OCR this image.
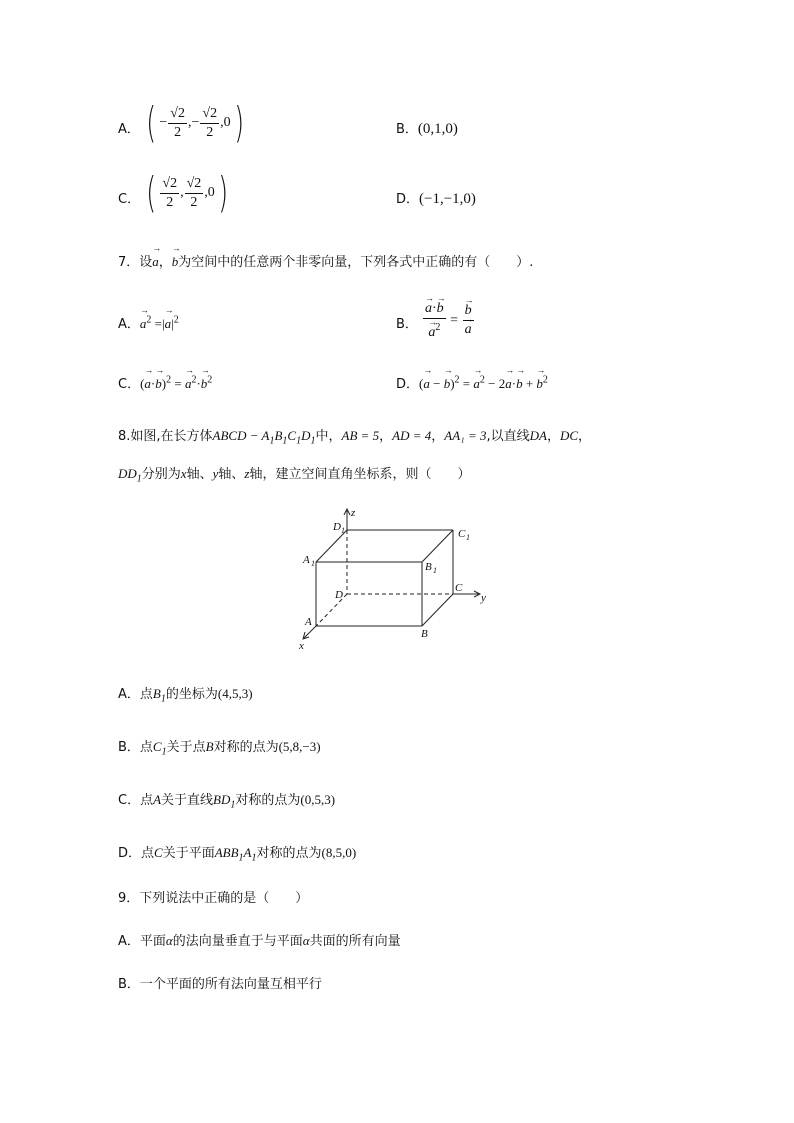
A． ( − $\frac{√2}{2}$ ,− $\frac{√2}{2} ,0$)	B．(0,1,0)
C． ( $\frac{√2}{2}$ , $\frac{√2}{2} ,0$)	D．(−1,−1,0)
7．设→ a，→ b为空间中的任意两个非零向量，下列各式中正确的有（　　）.
A．→ $a^2$ =|→ $a|^2$	B． → a·→ b
→ $a^2$ = → b
→ a
C．(→ a·→ b)$^2$ = → $a^2\cdot\to b^2$	D．(→ a − → b)$^2$ = → $a^2 - 2\to a\cdot\to b$ + → $b^2$
8.如图,在长方体ABCD − $A_1B_1C_1D_1$中，AB = 5，AD = 4，AA₁ = 3,以直线DA，DC，
$DD_1$分别为x轴、y轴、z轴，建立空间直角坐标系，则（　　）
D 1
z
C 1
A 1	B 1
D
C
y
A
B
x
A．点$B_1$的坐标为(4,5,3)
B．点$C_1$关于点B对称的点为(5,8,−3)
C．点A关于直线$BD_1$对称的点为(0,5,3)
D．点C关于平面$ABB_1A_1$对称的点为(8,5,0)
9．下列说法中正确的是（　　）
A．平面α的法向量垂直于与平面α共面的所有向量
B．一个平面的所有法向量互相平行
